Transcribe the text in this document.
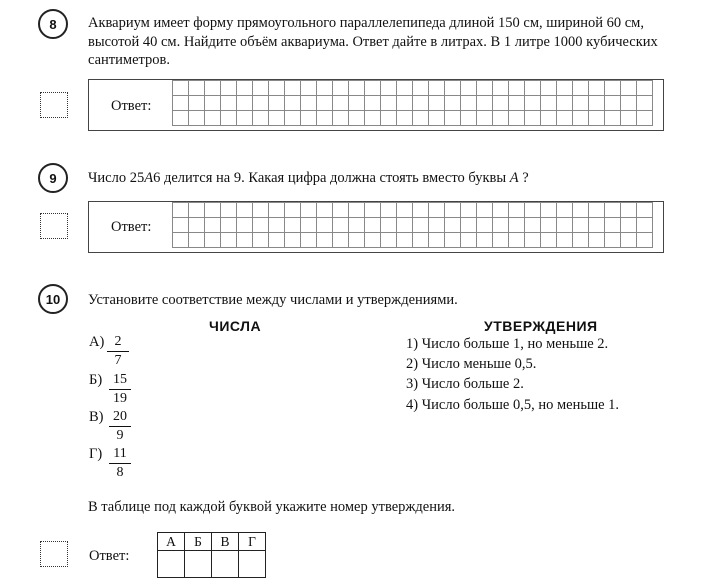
8	Аквариум имеет форму прямоугольного параллелепипеда длиной 150 см, шириной 60 см,
высотой 40 см. Найдите объём аквариума. Ответ дайте в литрах. В 1 литре 1000 кубических
сантиметров.
Ответ:

9	Число 25A6 делится на 9. Какая цифра должна стоять вместо буквы A ?
Ответ:

10	Установите соответствие между числами и утверждениями.
ЧИСЛА	УТВЕРЖДЕНИЯ
$А) \frac{2}{7}$
$Б) \frac{15}{19}$
$В) \frac{20}{9}$
$Г) \frac{11}{8}$
1) Число больше 1, но меньше 2.
2) Число меньше 0,5.
3) Число больше 2.
4) Число больше 0,5, но меньше 1.
В таблице под каждой буквой укажите номер утверждения.
Ответ:
А	Б	В	Г
